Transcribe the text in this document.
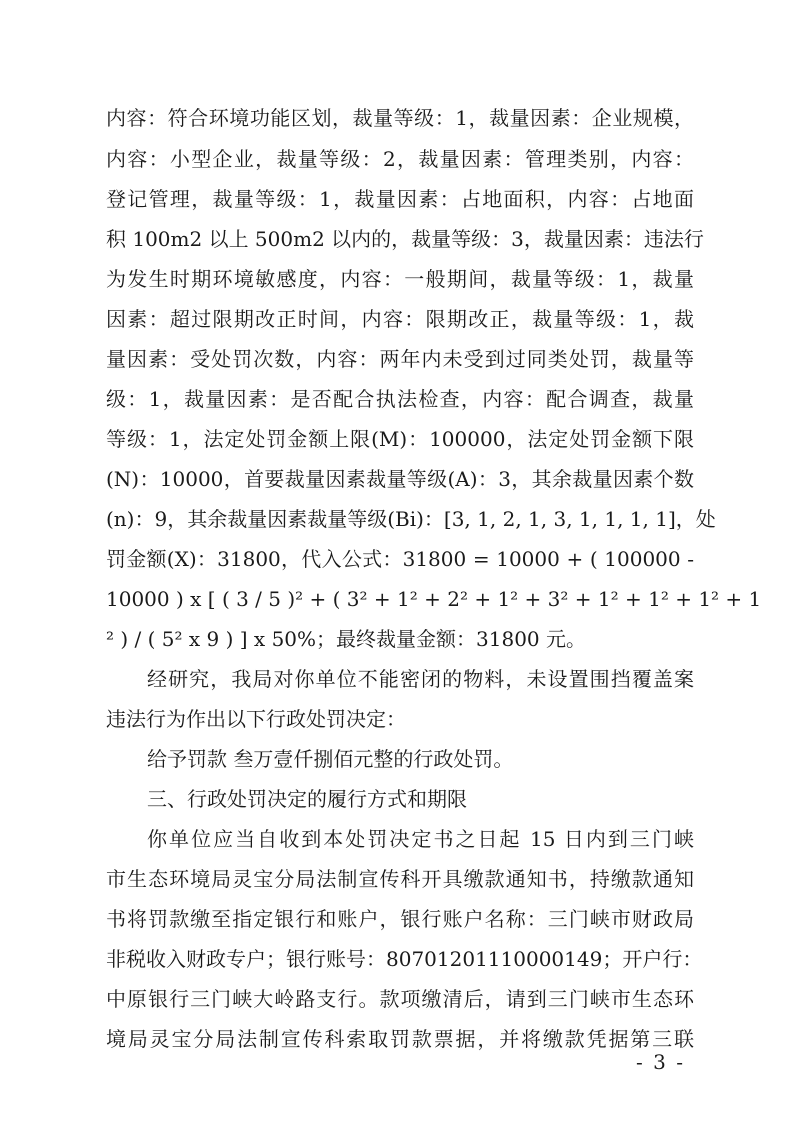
内容：符合环境功能区划，裁量等级：1，裁量因素：企业规模，
内容：小型企业，裁量等级：2，裁量因素：管理类别，内容：
登记管理，裁量等级：1，裁量因素：占地面积，内容：占地面
积 100m2 以上 500m2 以内的，裁量等级：3，裁量因素：违法行
为发生时期环境敏感度，内容：一般期间，裁量等级：1，裁量
因素：超过限期改正时间，内容：限期改正，裁量等级：1，裁
量因素：受处罚次数，内容：两年内未受到过同类处罚，裁量等
级：1，裁量因素：是否配合执法检查，内容：配合调查，裁量
等级：1，法定处罚金额上限(M)：100000，法定处罚金额下限
(N)：10000，首要裁量因素裁量等级(A)：3，其余裁量因素个数
(n)：9，其余裁量因素裁量等级(Bi)：[3, 1, 2, 1, 3, 1, 1, 1, 1]，处
罚金额(X)：31800，代入公式：31800 = 10000 + ( 100000 -
10000 ) x [ ( 3 / 5 )² + ( 3² + 1² + 2² + 1² + 3² + 1² + 1² + 1² + 1
² ) / ( 5² x 9 ) ] x 50%；最终裁量金额：31800 元。
经研究，我局对你单位不能密闭的物料，未设置围挡覆盖案
违法行为作出以下行政处罚决定：
给予罚款 叁万壹仟捌佰元整的行政处罚。
三、行政处罚决定的履行方式和期限
你单位应当自收到本处罚决定书之日起 15 日内到三门峡
市生态环境局灵宝分局法制宣传科开具缴款通知书，持缴款通知
书将罚款缴至指定银行和账户，银行账户名称：三门峡市财政局
非税收入财政专户；银行账号：80701201110000149；开户行：
中原银行三门峡大岭路支行。款项缴清后，请到三门峡市生态环
境局灵宝分局法制宣传科索取罚款票据，并将缴款凭据第三联
- 3 -
